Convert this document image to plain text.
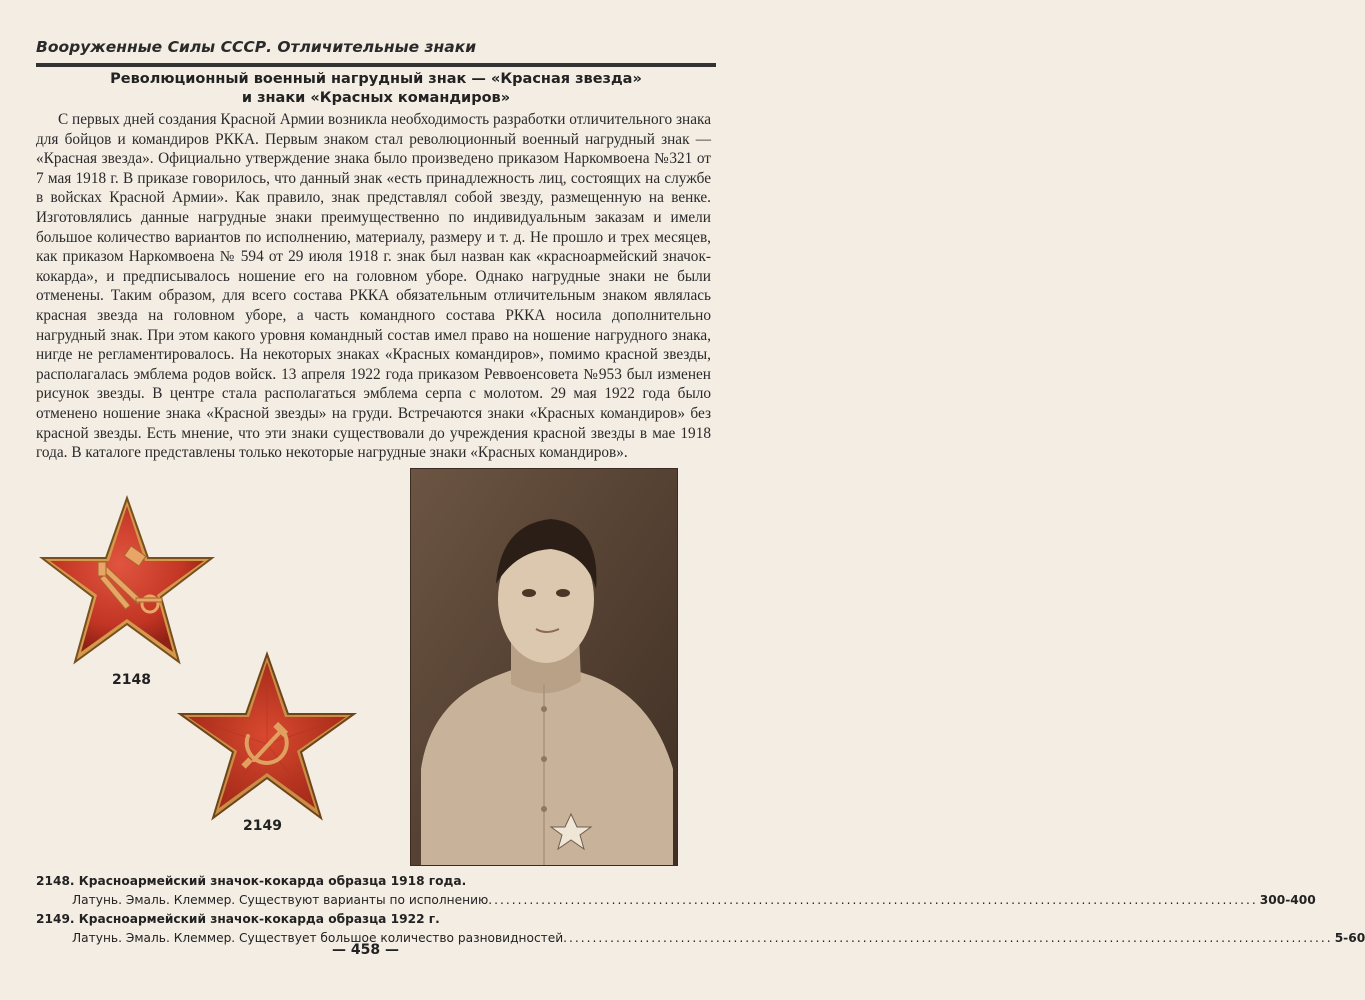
Вооруженные Силы СССР. Отличительные знаки
Революционный военный нагрудный знак — «Красная звезда»
и знаки «Красных командиров»

С первых дней создания Красной Армии возникла необходимость разработки отличительного знака для бойцов и командиров РККА. Первым знаком стал революционный военный нагрудный знак — «Красная звезда». Официально утверждение знака было произведено приказом Наркомвоена №321 от 7 мая 1918 г. В приказе говорилось, что данный знак «есть принадлежность лиц, состоящих на службе в войсках Красной Армии». Как правило, знак представлял собой звезду, размещенную на венке. Изготовлялись данные нагрудные знаки преимущественно по индивидуальным заказам и имели большое количество вариантов по исполнению, материалу, размеру и т. д. Не прошло и трех месяцев, как приказом Наркомвоена № 594 от 29 июля 1918 г. знак был назван как «красноармейский значок-кокарда», и предписывалось ношение его на головном уборе. Однако нагрудные знаки не были отменены. Таким образом, для всего состава РККА обязательным отличительным знаком являлась красная звезда на головном уборе, а часть командного состава РККА носила дополнительно нагрудный знак. При этом какого уровня командный состав имел право на ношение нагрудного знака, нигде не регламентировалось. На некоторых знаках «Красных командиров», помимо красной звезды, располагалась эмблема родов войск. 13 апреля 1922 года приказом Реввоенсовета №953 был изменен рисунок звезды. В центре стала располагаться эмблема серпа с молотом. 29 мая 1922 года было отменено ношение знака «Красной звезды» на груди. Встречаются знаки «Красных командиров» без красной звезды. Есть мнение, что эти знаки существовали до учреждения красной звезды в мае 1918 года. В каталоге представлены только некоторые нагрудные знаки «Красных командиров».

2148
2149
2148. Красноармейский значок-кокарда образца 1918 года.
Латунь. Эмаль. Клеммер. Существуют варианты по исполнению. .................................................................................................................................. 300-400
2149. Красноармейский значок-кокарда образца 1922 г.
Латунь. Эмаль. Клеммер. Существует большое количество разновидностей. .................................................................................................................................. 5-60
— 458 —
